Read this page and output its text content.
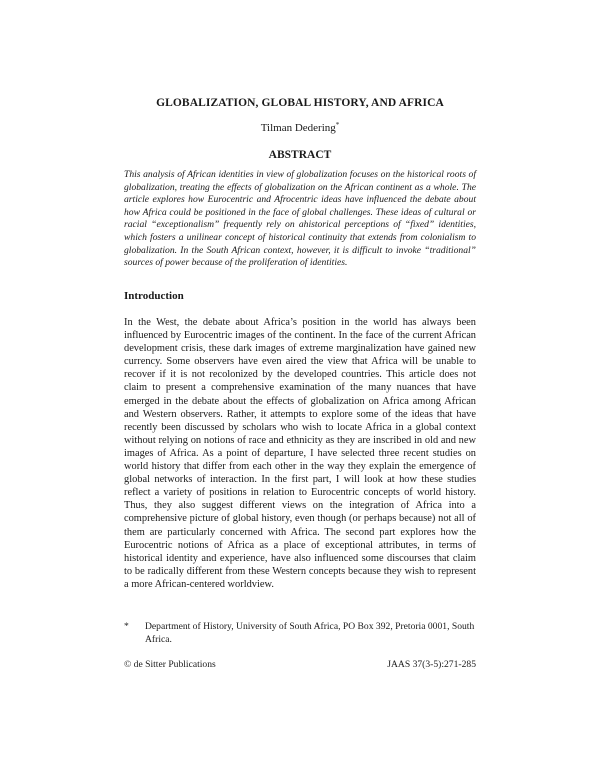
GLOBALIZATION, GLOBAL HISTORY, AND AFRICA
Tilman Dedering*
ABSTRACT
This analysis of African identities in view of globalization focuses on the historical roots of globalization, treating the effects of globalization on the African continent as a whole. The article explores how Eurocentric and Afrocentric ideas have influenced the debate about how Africa could be positioned in the face of global challenges. These ideas of cultural or racial “exceptionalism” frequently rely on ahistorical perceptions of “fixed” identities, which fosters a unilinear concept of historical continuity that extends from colonialism to globalization. In the South African context, however, it is difficult to invoke “traditional” sources of power because of the proliferation of identities.
Introduction
In the West, the debate about Africa’s position in the world has always been influenced by Eurocentric images of the continent. In the face of the current African development crisis, these dark images of extreme marginalization have gained new currency. Some observers have even aired the view that Africa will be unable to recover if it is not recolonized by the developed countries. This article does not claim to present a comprehensive examination of the many nuances that have emerged in the debate about the effects of globalization on Africa among African and Western observers. Rather, it attempts to explore some of the ideas that have recently been discussed by scholars who wish to locate Africa in a global context without relying on notions of race and ethnicity as they are inscribed in old and new images of Africa. As a point of departure, I have selected three recent studies on world history that differ from each other in the way they explain the emergence of global networks of interaction. In the first part, I will look at how these studies reflect a variety of positions in relation to Eurocentric concepts of world history. Thus, they also suggest different views on the integration of Africa into a comprehensive picture of global history, even though (or perhaps because) not all of them are particularly concerned with Africa. The second part explores how the Eurocentric notions of Africa as a place of exceptional attributes, in terms of historical identity and experience, have also influenced some discourses that claim to be radically different from these Western concepts because they wish to represent a more African-centered worldview.
* Department of History, University of South Africa, PO Box 392, Pretoria 0001, South Africa.
© de Sitter Publications	JAAS 37(3-5):271-285
